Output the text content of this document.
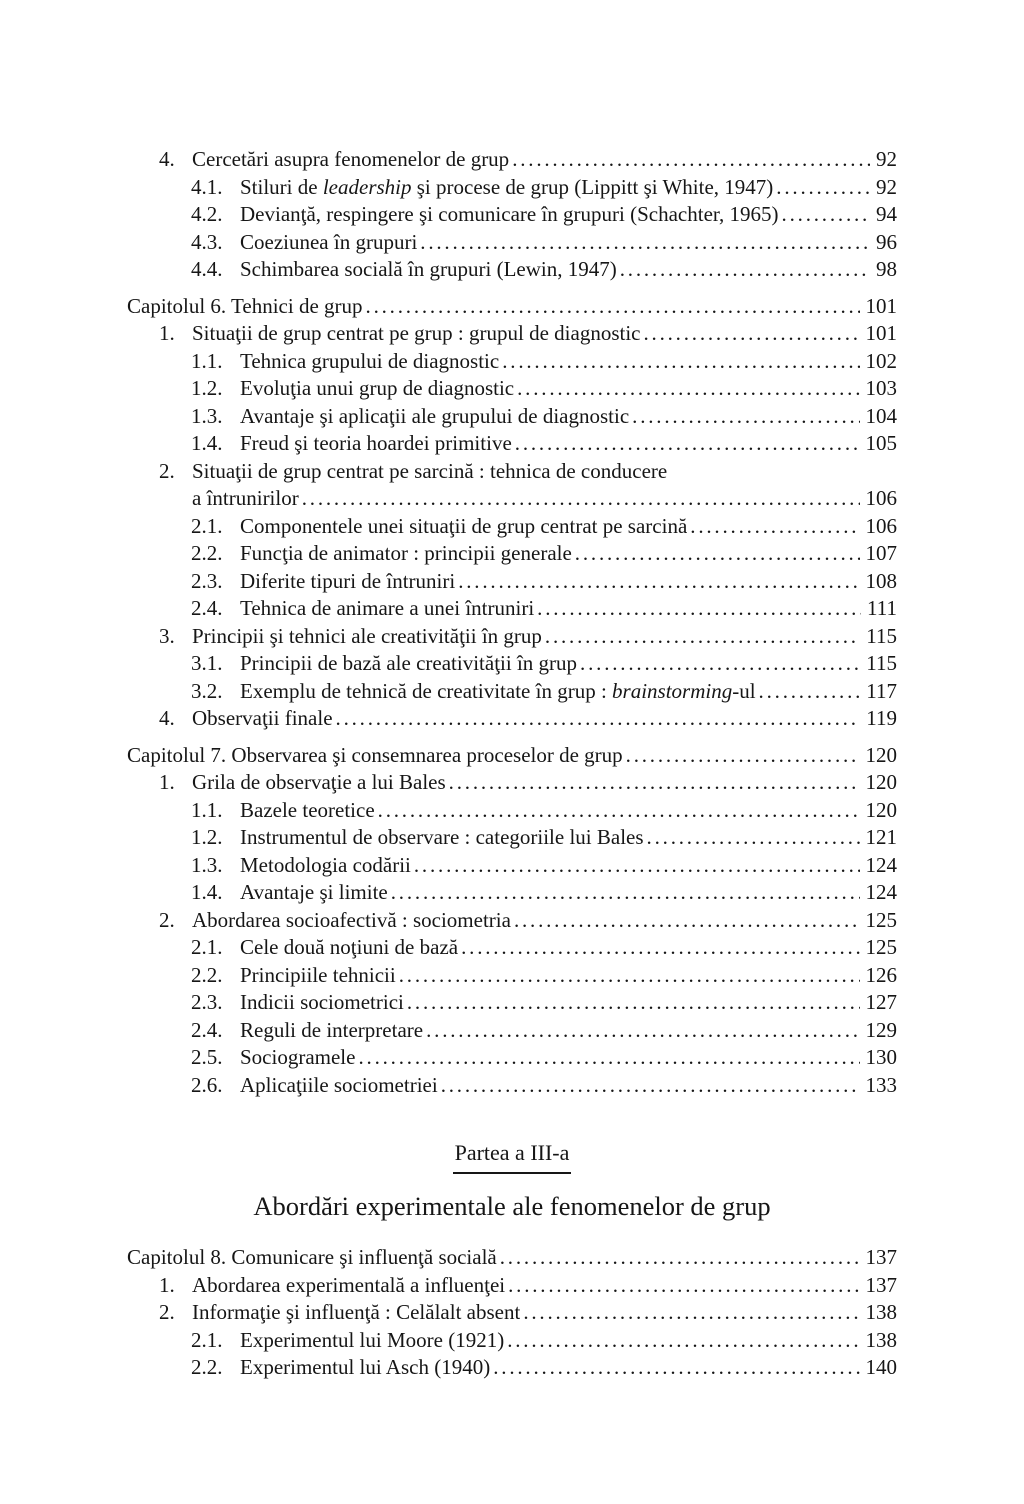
4. Cercetări asupra fenomenelor de grup .....	92
4.1. Stiluri de leadership şi procese de grup (Lippitt şi White, 1947) .....	92
4.2. Devianţă, respingere şi comunicare în grupuri (Schachter, 1965) .....	94
4.3. Coeziunea în grupuri .....	96
4.4. Schimbarea socială în grupuri (Lewin, 1947) .....	98
Capitolul 6. Tehnici de grup .....	101
1. Situaţii de grup centrat pe grup : grupul de diagnostic .....	101
1.1. Tehnica grupului de diagnostic .....	102
1.2. Evoluţia unui grup de diagnostic .....	103
1.3. Avantaje şi aplicaţii ale grupului de diagnostic .....	104
1.4. Freud şi teoria hoardei primitive .....	105
2. Situaţii de grup centrat pe sarcină : tehnica de conducere
a întrunirilor .....	106
2.1. Componentele unei situaţii de grup centrat pe sarcină .....	106
2.2. Funcţia de animator : principii generale .....	107
2.3. Diferite tipuri de întruniri .....	108
2.4. Tehnica de animare a unei întruniri .....	111
3. Principii şi tehnici ale creativităţii în grup .....	115
3.1. Principii de bază ale creativităţii în grup .....	115
3.2. Exemplu de tehnică de creativitate în grup : brainstorming-ul .....	117
4. Observaţii finale .....	119
Capitolul 7. Observarea şi consemnarea proceselor de grup .....	120
1. Grila de observaţie a lui Bales .....	120
1.1. Bazele teoretice .....	120
1.2. Instrumentul de observare : categoriile lui Bales .....	121
1.3. Metodologia codării .....	124
1.4. Avantaje şi limite .....	124
2. Abordarea socioafectivă : sociometria .....	125
2.1. Cele două noţiuni de bază .....	125
2.2. Principiile tehnicii .....	126
2.3. Indicii sociometrici .....	127
2.4. Reguli de interpretare .....	129
2.5. Sociogramele .....	130
2.6. Aplicaţiile sociometriei .....	133
Partea a III-a
Abordări experimentale ale fenomenelor de grup
Capitolul 8. Comunicare şi influenţă socială .....	137
1. Abordarea experimentală a influenţei .....	137
2. Informaţie şi influenţă : Celălalt absent .....	138
2.1. Experimentul lui Moore (1921) .....	138
2.2. Experimentul lui Asch (1940) .....	140
